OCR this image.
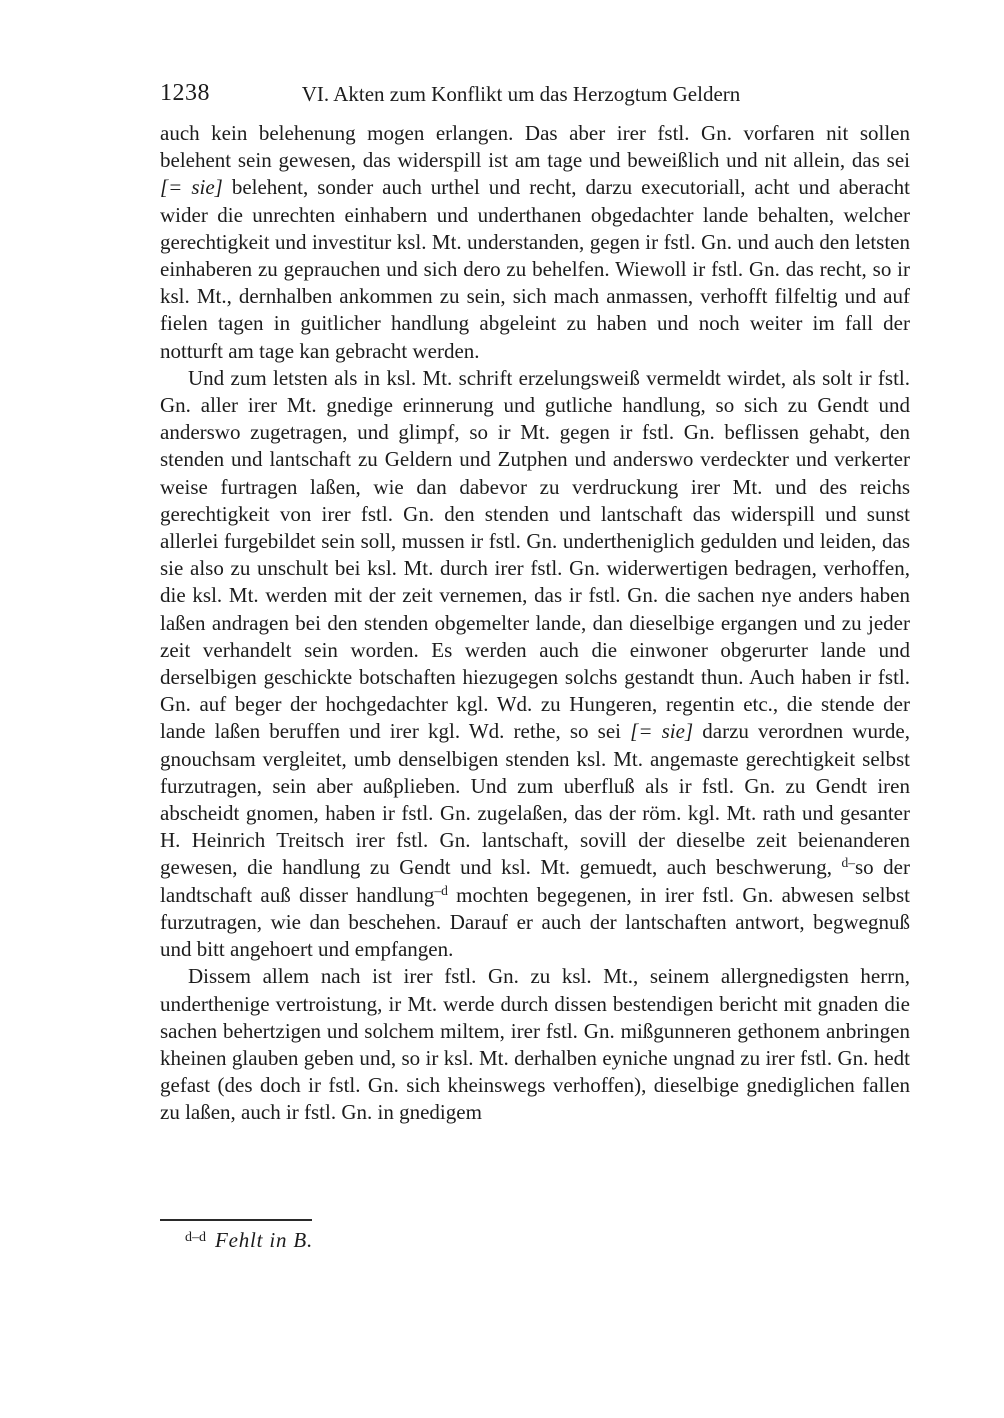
1238	VI. Akten zum Konflikt um das Herzogtum Geldern

auch kein belehenung mogen erlangen. Das aber irer fstl. Gn. vorfaren nit sollen belehent sein gewesen, das widerspill ist am tage und beweißlich und nit allein, das sei [= sie] belehent, sonder auch urthel und recht, darzu executoriall, acht und aberacht wider die unrechten einhabern und underthanen obgedachter lande behalten, welcher gerechtigkeit und investitur ksl. Mt. understanden, gegen ir fstl. Gn. und auch den letsten einhaberen zu geprauchen und sich dero zu behelfen. Wiewoll ir fstl. Gn. das recht, so ir ksl. Mt., dernhalben ankommen zu sein, sich mach anmassen, verhofft filfeltig und auf fielen tagen in guitlicher handlung abgeleint zu haben und noch weiter im fall der notturft am tage kan gebracht werden.

Und zum letsten als in ksl. Mt. schrift erzelungsweiß vermeldt wirdet, als solt ir fstl. Gn. aller irer Mt. gnedige erinnerung und gutliche handlung, so sich zu Gendt und anderswo zugetragen, und glimpf, so ir Mt. gegen ir fstl. Gn. beflissen gehabt, den stenden und lantschaft zu Geldern und Zutphen und anderswo verdeckter und verkerter weise furtragen laßen, wie dan dabevor zu verdruckung irer Mt. und des reichs gerechtigkeit von irer fstl. Gn. den stenden und lantschaft das widerspill und sunst allerlei furgebildet sein soll, mussen ir fstl. Gn. undertheniglich gedulden und leiden, das sie also zu unschult bei ksl. Mt. durch irer fstl. Gn. widerwertigen bedragen, verhoffen, die ksl. Mt. werden mit der zeit vernemen, das ir fstl. Gn. die sachen nye anders haben laßen andragen bei den stenden obgemelter lande, dan dieselbige ergangen und zu jeder zeit verhandelt sein worden. Es werden auch die einwoner obgerurter lande und derselbigen geschickte botschaften hiezugegen solchs gestandt thun. Auch haben ir fstl. Gn. auf beger der hochgedachter kgl. Wd. zu Hungeren, regentin etc., die stende der lande laßen beruffen und irer kgl. Wd. rethe, so sei [= sie] darzu verordnen wurde, gnouchsam vergleitet, umb denselbigen stenden ksl. Mt. angemaste gerechtigkeit selbst furzutragen, sein aber außplieben. Und zum uberfluß als ir fstl. Gn. zu Gendt iren abscheidt gnomen, haben ir fstl. Gn. zugelaßen, das der röm. kgl. Mt. rath und gesanter H. Heinrich Treitsch irer fstl. Gn. lantschaft, sovill der dieselbe zeit beienanderen gewesen, die handlung zu Gendt und ksl. Mt. gemuedt, auch beschwerung, $^{d-}$so der landtschaft auß disser handlung$^{-d}$ mochten begegenen, in irer fstl. Gn. abwesen selbst furzutragen, wie dan beschehen. Darauf er auch der lantschaften antwort, begwegnuß und bitt angehoert und empfangen.

Dissem allem nach ist irer fstl. Gn. zu ksl. Mt., seinem allergnedigsten herrn, underthenige vertroistung, ir Mt. werde durch dissen bestendigen bericht mit gnaden die sachen behertzigen und solchem miltem, irer fstl. Gn. mißgunneren gethonem anbringen kheinen glauben geben und, so ir ksl. Mt. derhalben eyniche ungnad zu irer fstl. Gn. hedt gefast (des doch ir fstl. Gn. sich kheinswegs verhoffen), dieselbige gnediglichen fallen zu laßen, auch ir fstl. Gn. in gnedigem

$^{d-d}$ Fehlt in B.
